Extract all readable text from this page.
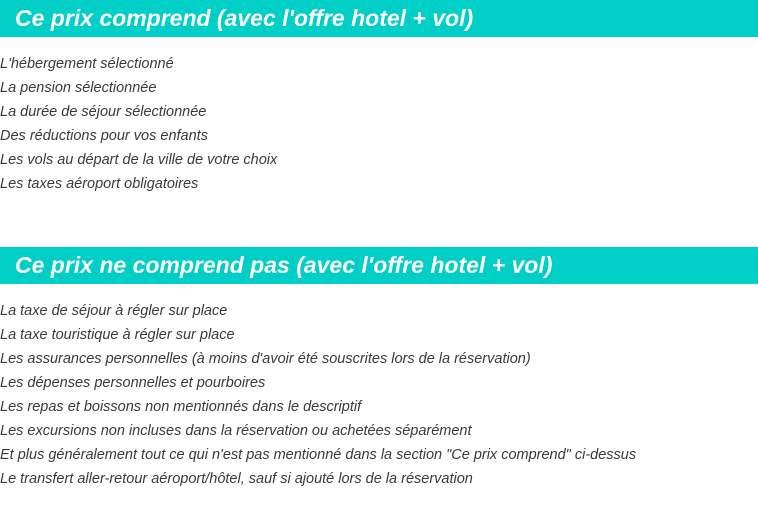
Ce prix comprend (avec l'offre hotel + vol)
L'hébergement sélectionné
La pension sélectionnée
La durée de séjour sélectionnée
Des réductions pour vos enfants
Les vols au départ de la ville de votre choix
Les taxes aéroport obligatoires
Ce prix ne comprend pas (avec l'offre hotel + vol)
La taxe de séjour à régler sur place
La taxe touristique à régler sur place
Les assurances personnelles (à moins d'avoir été souscrites lors de la réservation)
Les dépenses personnelles et pourboires
Les repas et boissons non mentionnés dans le descriptif
Les excursions non incluses dans la réservation ou achetées séparément
Et plus généralement tout ce qui n'est pas mentionné dans la section "Ce prix comprend" ci-dessus
Le transfert aller-retour aéroport/hôtel, sauf si ajouté lors de la réservation
